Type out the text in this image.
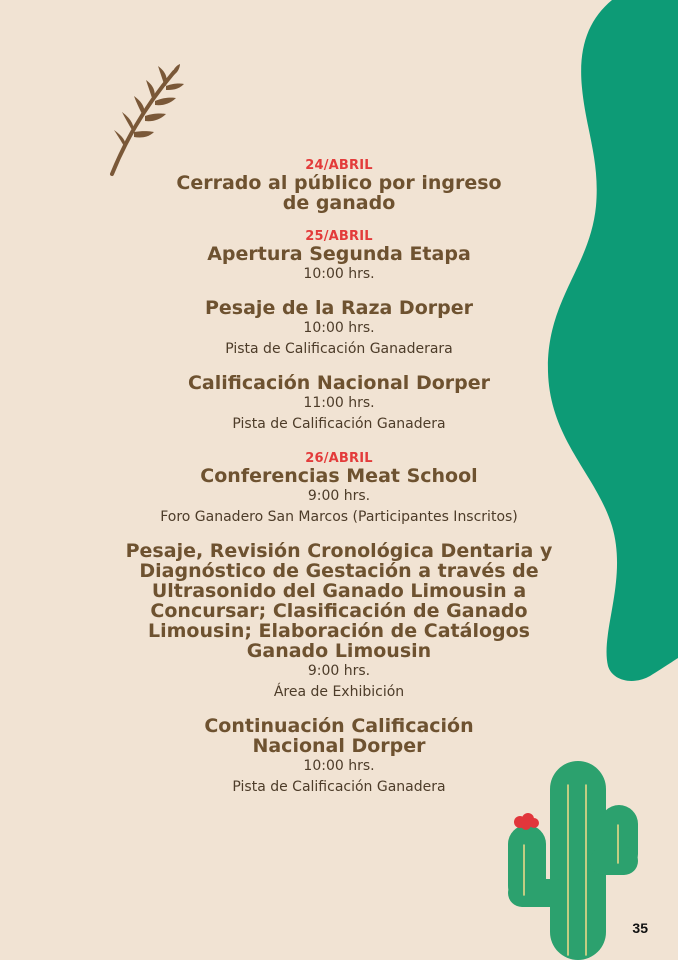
24/ABRIL
Cerrado al público por ingreso de ganado
25/ABRIL
Apertura Segunda Etapa
10:00 hrs.
Pesaje de la Raza Dorper
10:00 hrs.
Pista de Calificación Ganaderara
Calificación Nacional Dorper
11:00 hrs.
Pista de Calificación Ganadera
26/ABRIL
Conferencias Meat School
9:00 hrs.
Foro Ganadero San Marcos (Participantes Inscritos)
Pesaje, Revisión Cronológica Dentaria y Diagnóstico de Gestación a través de Ultrasonido del Ganado Limousin a Concursar; Clasificación de Ganado Limousin; Elaboración de Catálogos Ganado Limousin
9:00 hrs.
Área de Exhibición
Continuación Calificación Nacional Dorper
10:00 hrs.
Pista de Calificación Ganadera
35
